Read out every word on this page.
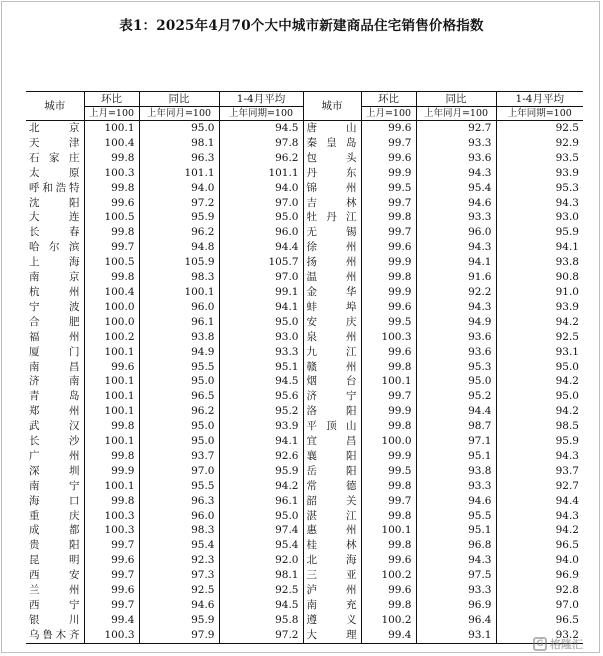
表1：2025年4月70个大中城市新建商品住宅销售价格指数
城市	环比	同比	1-4月平均	城市	环比	同比	1-4月平均
	上月=100	上年同月=100	上年同期=100		上月=100	上年同月=100	上年同期=100
北京	100.1	95.0	94.5	唐山	99.6	92.7	92.5
天津	100.4	98.1	97.8	秦皇岛	99.7	93.3	92.9
石家庄	99.8	96.3	96.2	包头	99.6	93.6	93.5
太原	100.3	101.1	101.1	丹东	99.9	94.3	93.9
呼和浩特	99.8	94.0	94.0	锦州	99.5	95.4	95.3
沈阳	99.6	97.2	97.0	吉林	99.7	94.6	94.3
大连	100.5	95.9	95.0	牡丹江	99.8	93.3	93.0
长春	99.8	96.2	96.0	无锡	99.7	96.0	95.9
哈尔滨	99.7	94.8	94.4	徐州	99.6	94.3	94.1
上海	100.5	105.9	105.7	扬州	99.9	94.1	93.8
南京	99.8	98.3	97.0	温州	99.8	91.6	90.8
杭州	100.4	100.1	99.1	金华	99.9	92.2	91.0
宁波	100.0	96.0	94.1	蚌埠	99.6	94.3	93.9
合肥	100.0	96.1	95.0	安庆	99.5	94.9	94.2
福州	100.2	93.8	93.0	泉州	100.3	93.6	92.5
厦门	100.1	94.9	93.3	九江	99.6	93.6	93.1
南昌	99.6	95.5	95.1	赣州	99.8	95.3	95.0
济南	100.1	95.0	94.5	烟台	100.1	95.0	94.2
青岛	100.1	96.5	95.6	济宁	99.7	95.2	95.0
郑州	100.1	96.2	95.2	洛阳	99.9	94.4	94.2
武汉	99.8	95.0	93.9	平顶山	99.8	98.7	98.5
长沙	100.1	95.0	94.1	宜昌	100.0	97.1	95.9
广州	99.8	93.7	92.6	襄阳	99.9	95.1	94.3
深圳	99.9	97.0	95.9	岳阳	99.5	93.8	93.7
南宁	100.1	95.5	94.2	常德	99.8	93.3	92.7
海口	99.8	96.3	96.1	韶关	99.7	94.6	94.4
重庆	100.3	96.0	95.0	湛江	99.8	95.5	94.3
成都	100.3	98.3	97.4	惠州	100.1	95.1	94.2
贵阳	99.7	95.4	95.4	桂林	99.8	96.8	96.5
昆明	99.6	92.3	92.0	北海	99.6	94.3	94.0
西安	99.7	97.3	98.1	三亚	100.2	97.5	96.9
兰州	99.6	92.5	92.5	泸州	99.6	93.3	92.8
西宁	99.7	94.6	94.5	南充	99.8	96.9	97.0
银川	99.4	95.9	95.8	遵义	100.2	96.4	96.5
乌鲁木齐	100.3	97.9	97.2	大理	99.4	93.1	93.2
G 格隆汇
